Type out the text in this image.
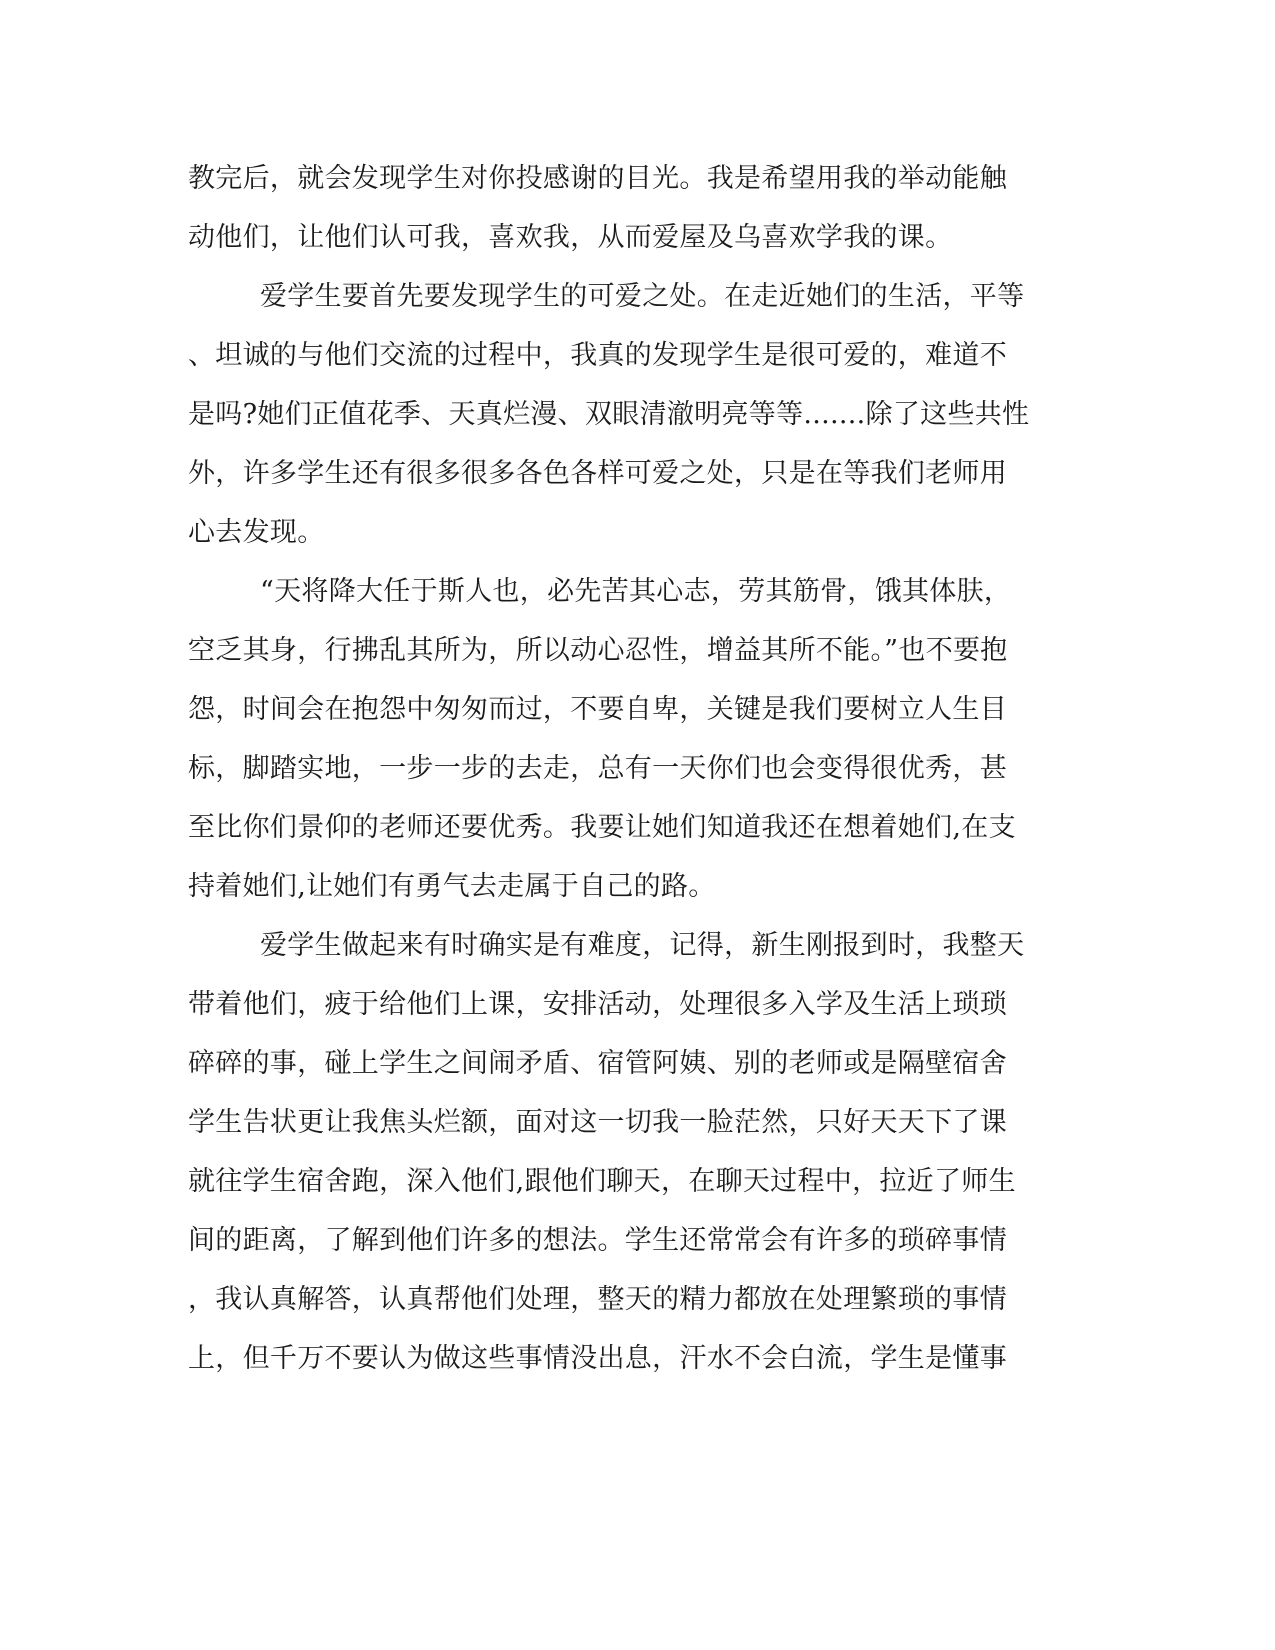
教完后，就会发现学生对你投感谢的目光。我是希望用我的举动能触

动他们，让他们认可我，喜欢我，从而爱屋及乌喜欢学我的课。

爱学生要首先要发现学生的可爱之处。在走近她们的生活，平等

、坦诚的与他们交流的过程中，我真的发现学生是很可爱的，难道不

是吗?她们正值花季、天真烂漫、双眼清澈明亮等等.......除了这些共性

外，许多学生还有很多很多各色各样可爱之处，只是在等我们老师用

心去发现。

“天将降大任于斯人也，必先苦其心志，劳其筋骨，饿其体肤，

空乏其身，行拂乱其所为，所以动心忍性，增益其所不能。”也不要抱

怨，时间会在抱怨中匆匆而过，不要自卑，关键是我们要树立人生目

标，脚踏实地，一步一步的去走，总有一天你们也会变得很优秀，甚

至比你们景仰的老师还要优秀。我要让她们知道我还在想着她们,在支

持着她们,让她们有勇气去走属于自己的路。

爱学生做起来有时确实是有难度，记得，新生刚报到时，我整天

带着他们，疲于给他们上课，安排活动，处理很多入学及生活上琐琐

碎碎的事，碰上学生之间闹矛盾、宿管阿姨、别的老师或是隔壁宿舍

学生告状更让我焦头烂额，面对这一切我一脸茫然，只好天天下了课

就往学生宿舍跑，深入他们,跟他们聊天，在聊天过程中，拉近了师生

间的距离，了解到他们许多的想法。学生还常常会有许多的琐碎事情

，我认真解答，认真帮他们处理，整天的精力都放在处理繁琐的事情

上，但千万不要认为做这些事情没出息，汗水不会白流，学生是懂事
